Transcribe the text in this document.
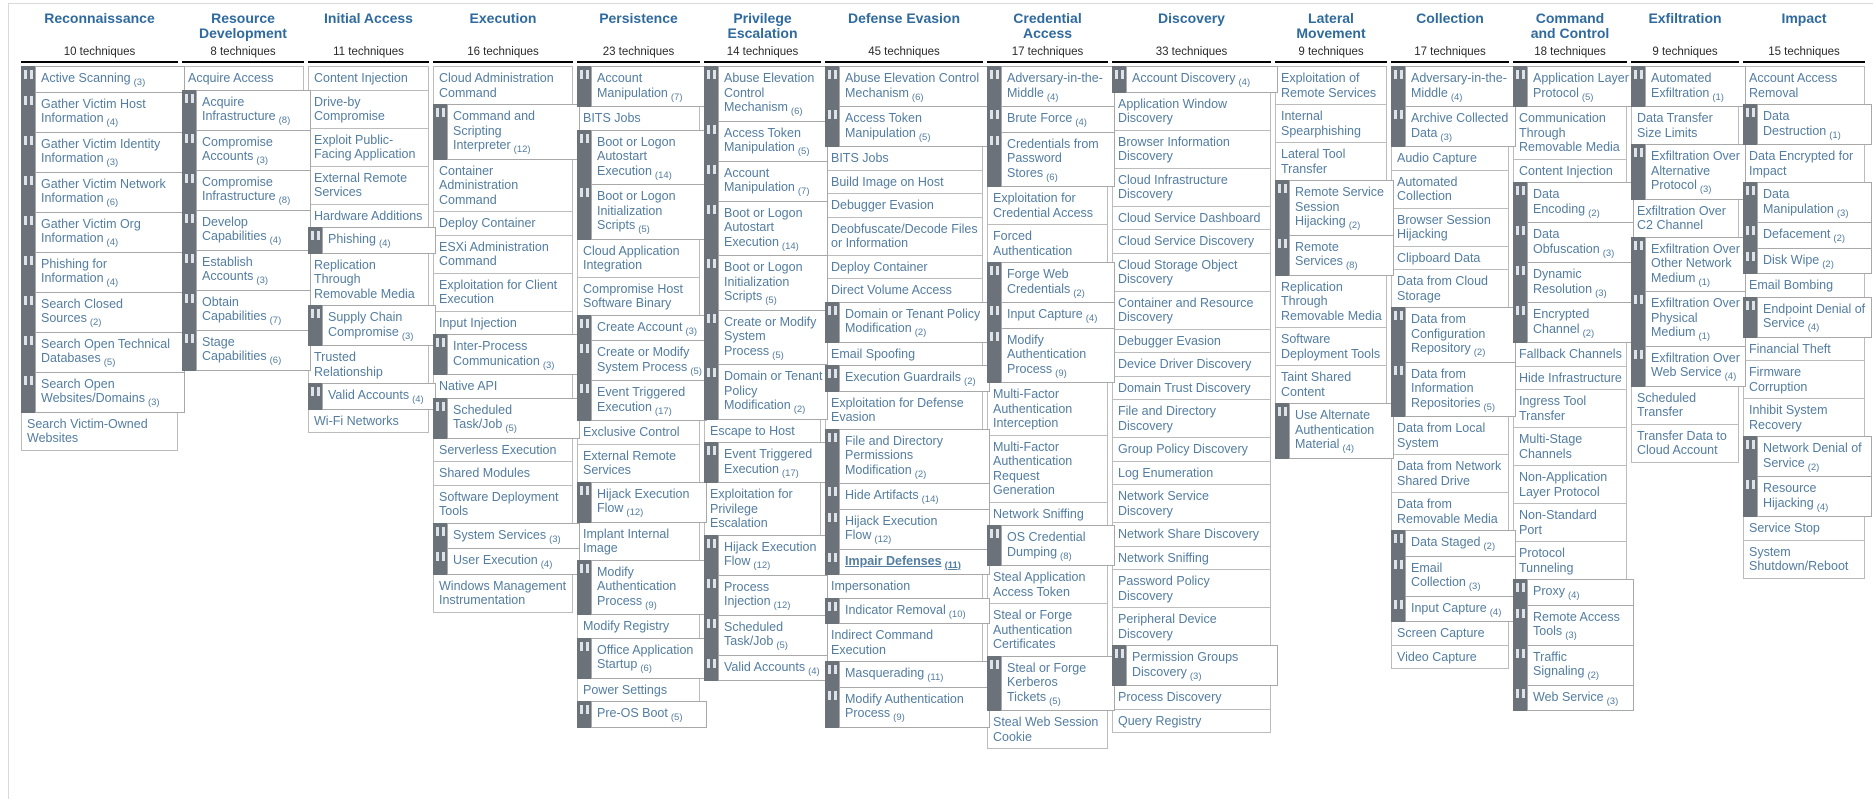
Reconnaissance
10 techniques
Active Scanning $_{(3)}$
Gather Victim Host Information $_{(4)}$
Gather Victim Identity Information $_{(3)}$
Gather Victim Network Information $_{(6)}$
Gather Victim Org Information $_{(4)}$
Phishing for Information $_{(4)}$
Search Closed Sources $_{(2)}$
Search Open Technical Databases $_{(5)}$
Search Open Websites/Domains $_{(3)}$
Search Victim-Owned Websites
Resource Development
8 techniques
Acquire Access
Acquire Infrastructure $_{(8)}$
Compromise Accounts $_{(3)}$
Compromise Infrastructure $_{(8)}$
Develop Capabilities $_{(4)}$
Establish Accounts $_{(3)}$
Obtain Capabilities $_{(7)}$
Stage Capabilities $_{(6)}$
Initial Access
11 techniques
Content Injection
Drive-by Compromise
Exploit Public-Facing Application
External Remote Services
Hardware Additions
Phishing $_{(4)}$
Replication Through Removable Media
Supply Chain Compromise $_{(3)}$
Trusted Relationship
Valid Accounts $_{(4)}$
Wi-Fi Networks
Execution
16 techniques
Cloud Administration Command
Command and Scripting Interpreter $_{(12)}$
Container Administration Command
Deploy Container
ESXi Administration Command
Exploitation for Client Execution
Input Injection
Inter-Process Communication $_{(3)}$
Native API
Scheduled Task/Job $_{(5)}$
Serverless Execution
Shared Modules
Software Deployment Tools
System Services $_{(3)}$
User Execution $_{(4)}$
Windows Management Instrumentation
Persistence
23 techniques
Account Manipulation $_{(7)}$
BITS Jobs
Boot or Logon Autostart Execution $_{(14)}$
Boot or Logon Initialization Scripts $_{(5)}$
Cloud Application Integration
Compromise Host Software Binary
Create Account $_{(3)}$
Create or Modify System Process $_{(5)}$
Event Triggered Execution $_{(17)}$
Exclusive Control
External Remote Services
Hijack Execution Flow $_{(12)}$
Implant Internal Image
Modify Authentication Process $_{(9)}$
Modify Registry
Office Application Startup $_{(6)}$
Power Settings
Pre-OS Boot $_{(5)}$
Privilege Escalation
14 techniques
Abuse Elevation Control Mechanism $_{(6)}$
Access Token Manipulation $_{(5)}$
Account Manipulation $_{(7)}$
Boot or Logon Autostart Execution $_{(14)}$
Boot or Logon Initialization Scripts $_{(5)}$
Create or Modify System Process $_{(5)}$
Domain or Tenant Policy Modification $_{(2)}$
Escape to Host
Event Triggered Execution $_{(17)}$
Exploitation for Privilege Escalation
Hijack Execution Flow $_{(12)}$
Process Injection $_{(12)}$
Scheduled Task/Job $_{(5)}$
Valid Accounts $_{(4)}$
Defense Evasion
45 techniques
Abuse Elevation Control Mechanism $_{(6)}$
Access Token Manipulation $_{(5)}$
BITS Jobs
Build Image on Host
Debugger Evasion
Deobfuscate/Decode Files or Information
Deploy Container
Direct Volume Access
Domain or Tenant Policy Modification $_{(2)}$
Email Spoofing
Execution Guardrails $_{(2)}$
Exploitation for Defense Evasion
File and Directory Permissions Modification $_{(2)}$
Hide Artifacts $_{(14)}$
Hijack Execution Flow $_{(12)}$
Impair Defenses $_{(11)}$
Impersonation
Indicator Removal $_{(10)}$
Indirect Command Execution
Masquerading $_{(11)}$
Modify Authentication Process $_{(9)}$
Credential Access
17 techniques
Adversary-in-the-Middle $_{(4)}$
Brute Force $_{(4)}$
Credentials from Password Stores $_{(6)}$
Exploitation for Credential Access
Forced Authentication
Forge Web Credentials $_{(2)}$
Input Capture $_{(4)}$
Modify Authentication Process $_{(9)}$
Multi-Factor Authentication Interception
Multi-Factor Authentication Request Generation
Network Sniffing
OS Credential Dumping $_{(8)}$
Steal Application Access Token
Steal or Forge Authentication Certificates
Steal or Forge Kerberos Tickets $_{(5)}$
Steal Web Session Cookie
Discovery
33 techniques
Account Discovery $_{(4)}$
Application Window Discovery
Browser Information Discovery
Cloud Infrastructure Discovery
Cloud Service Dashboard
Cloud Service Discovery
Cloud Storage Object Discovery
Container and Resource Discovery
Debugger Evasion
Device Driver Discovery
Domain Trust Discovery
File and Directory Discovery
Group Policy Discovery
Log Enumeration
Network Service Discovery
Network Share Discovery
Network Sniffing
Password Policy Discovery
Peripheral Device Discovery
Permission Groups Discovery $_{(3)}$
Process Discovery
Query Registry
Lateral Movement
9 techniques
Exploitation of Remote Services
Internal Spearphishing
Lateral Tool Transfer
Remote Service Session Hijacking $_{(2)}$
Remote Services $_{(8)}$
Replication Through Removable Media
Software Deployment Tools
Taint Shared Content
Use Alternate Authentication Material $_{(4)}$
Collection
17 techniques
Adversary-in-the-Middle $_{(4)}$
Archive Collected Data $_{(3)}$
Audio Capture
Automated Collection
Browser Session Hijacking
Clipboard Data
Data from Cloud Storage
Data from Configuration Repository $_{(2)}$
Data from Information Repositories $_{(5)}$
Data from Local System
Data from Network Shared Drive
Data from Removable Media
Data Staged $_{(2)}$
Email Collection $_{(3)}$
Input Capture $_{(4)}$
Screen Capture
Video Capture
Command and Control
18 techniques
Application Layer Protocol $_{(5)}$
Communication Through Removable Media
Content Injection
Data Encoding $_{(2)}$
Data Obfuscation $_{(3)}$
Dynamic Resolution $_{(3)}$
Encrypted Channel $_{(2)}$
Fallback Channels
Hide Infrastructure
Ingress Tool Transfer
Multi-Stage Channels
Non-Application Layer Protocol
Non-Standard Port
Protocol Tunneling
Proxy $_{(4)}$
Remote Access Tools $_{(3)}$
Traffic Signaling $_{(2)}$
Web Service $_{(3)}$
Exfiltration
9 techniques
Automated Exfiltration $_{(1)}$
Data Transfer Size Limits
Exfiltration Over Alternative Protocol $_{(3)}$
Exfiltration Over C2 Channel
Exfiltration Over Other Network Medium $_{(1)}$
Exfiltration Over Physical Medium $_{(1)}$
Exfiltration Over Web Service $_{(4)}$
Scheduled Transfer
Transfer Data to Cloud Account
Impact
15 techniques
Account Access Removal
Data Destruction $_{(1)}$
Data Encrypted for Impact
Data Manipulation $_{(3)}$
Defacement $_{(2)}$
Disk Wipe $_{(2)}$
Email Bombing
Endpoint Denial of Service $_{(4)}$
Financial Theft
Firmware Corruption
Inhibit System Recovery
Network Denial of Service $_{(2)}$
Resource Hijacking $_{(4)}$
Service Stop
System Shutdown/Reboot
